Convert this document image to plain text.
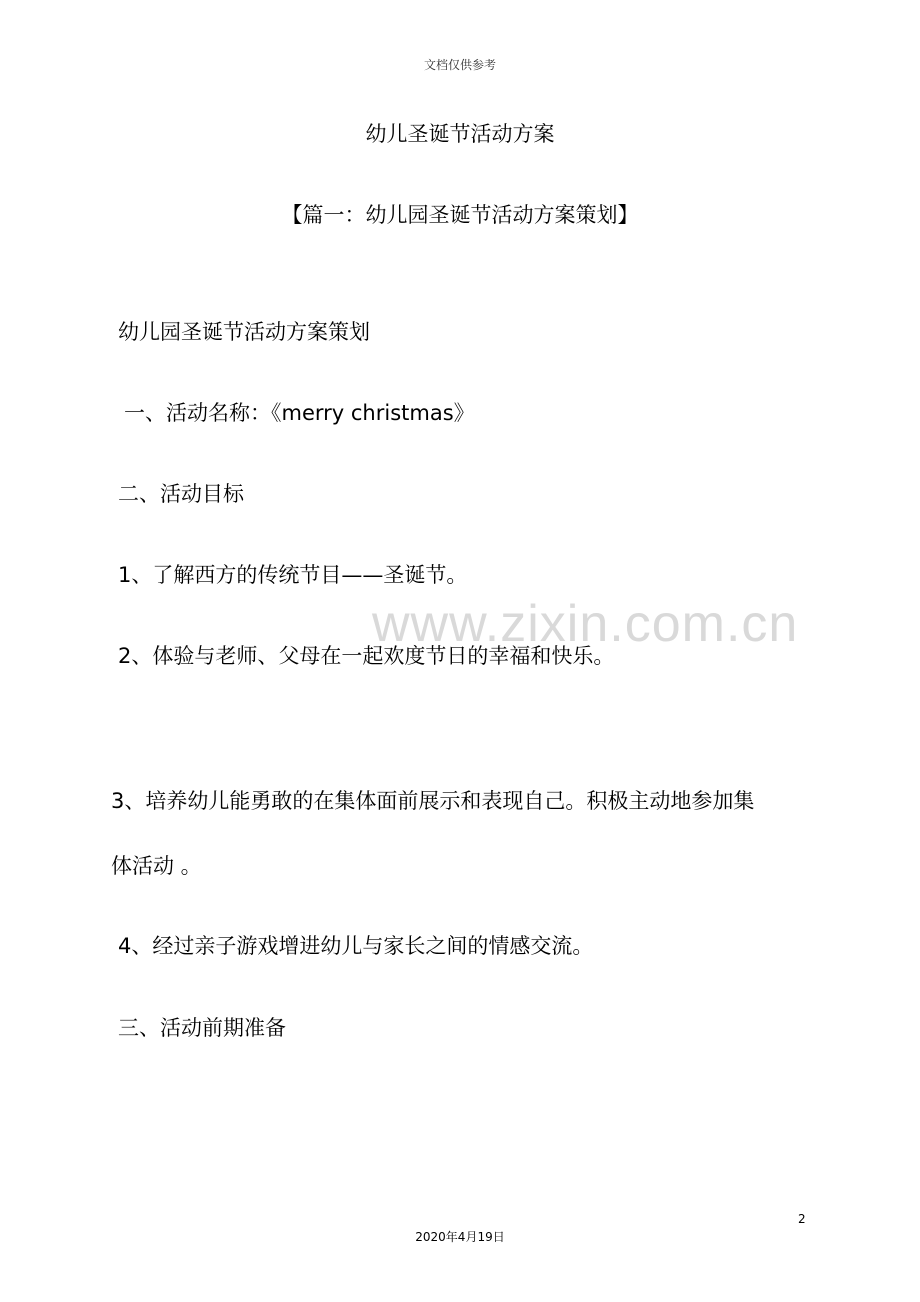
文档仅供参考
幼儿圣诞节活动方案
【篇一：幼儿园圣诞节活动方案策划】
幼儿园圣诞节活动方案策划
一、活动名称：《merry christmas》
二、活动目标
1、了解西方的传统节目——圣诞节。
www.zixin.com.cn
2、体验与老师、父母在一起欢度节日的幸福和快乐。
3、培养幼儿能勇敢的在集体面前展示和表现自己。积极主动地参加集
体活动 。
4、经过亲子游戏增进幼儿与家长之间的情感交流。
三、活动前期准备
2
2020年4月19日
